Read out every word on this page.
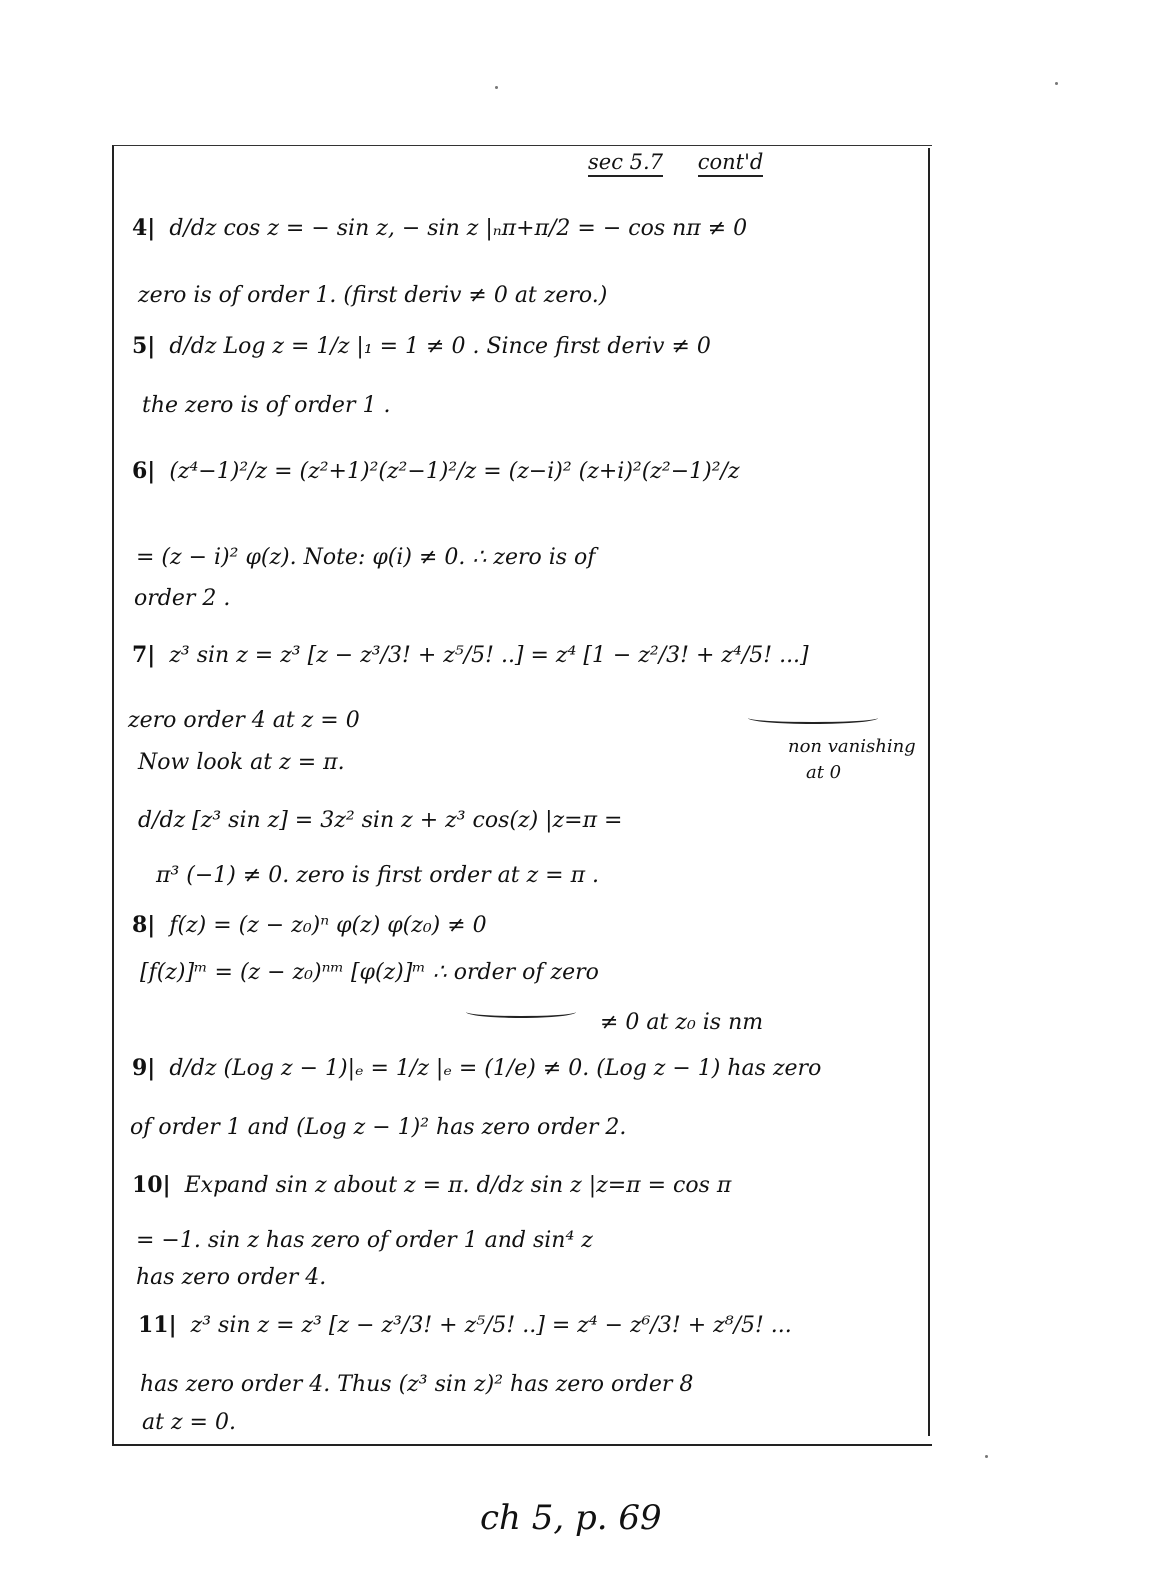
sec 5.7 cont'd
4| d/dz cos z = − sin z, − sin z |ₙπ+π/2 = − cos nπ ≠ 0
zero is of order 1. (first deriv ≠ 0 at zero.)
5| d/dz Log z = 1/z |₁ = 1 ≠ 0 . Since first deriv ≠ 0
the zero is of order 1 .
6| (z⁴−1)²/z = (z²+1)²(z²−1)²/z = (z−i)² (z+i)²(z²−1)²/z
= (z − i)² φ(z). Note: φ(i) ≠ 0. ∴ zero is of
order 2 .
7| z³ sin z = z³ [z − z³/3! + z⁵/5! ..] = z⁴ [1 − z²/3! + z⁴/5! ...]
non vanishing
at 0
zero order 4 at z = 0
Now look at z = π.
d/dz [z³ sin z] = 3z² sin z + z³ cos(z) |z=π =
π³ (−1) ≠ 0. zero is first order at z = π .
8| f(z) = (z − z₀)ⁿ φ(z) φ(z₀) ≠ 0
[f(z)]ᵐ = (z − z₀)ⁿᵐ [φ(z)]ᵐ ∴ order of zero
≠ 0 at z₀ is nm
9| d/dz (Log z − 1)|ₑ = 1/z |ₑ = (1/e) ≠ 0. (Log z − 1) has zero
of order 1 and (Log z − 1)² has zero order 2.
10| Expand sin z about z = π. d/dz sin z |z=π = cos π
= −1. sin z has zero of order 1 and sin⁴ z
has zero order 4.
11| z³ sin z = z³ [z − z³/3! + z⁵/5! ..] = z⁴ − z⁶/3! + z⁸/5! ...
has zero order 4. Thus (z³ sin z)² has zero order 8
at z = 0.
ch 5, p. 69
